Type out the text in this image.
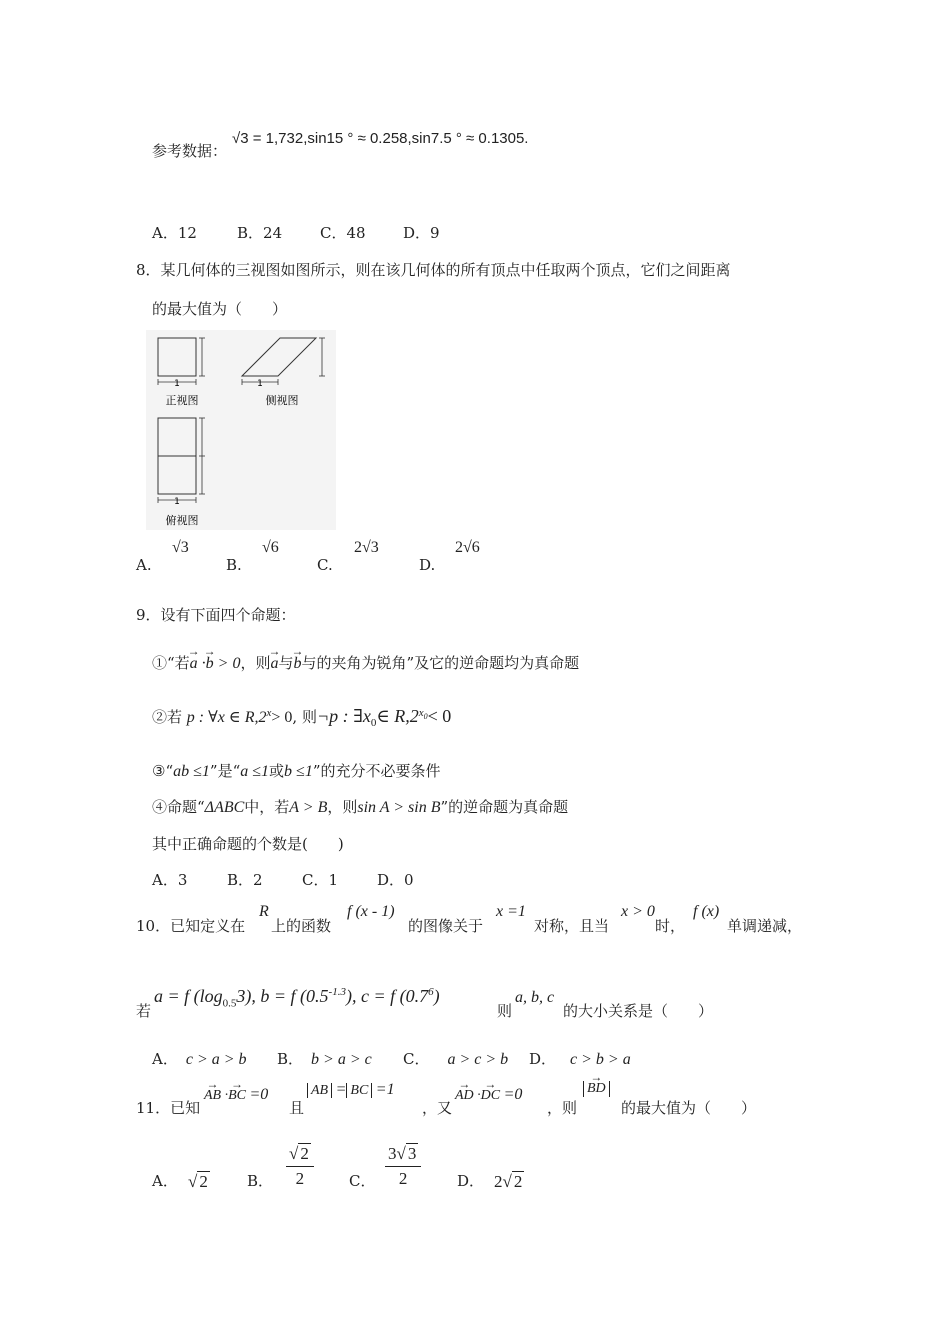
参考数据：
√3 = 1,732,sin15 ° ≈ 0.258,sin7.5 ° ≈ 0.1305.
A．12	B．24	C．48 D．9
8．某几何体的三视图如图所示，则在该几何体的所有顶点中任取两个顶点，它们之间距离
的最大值为（　　）
1
正视图
1
侧视图
1
俯视图
A.
√3
B.
√6
C.
2√3
D.
2√6
9．设有下面四个命题：
①“若→ a ·→ b > 0，则→ a与→ b与的夹角为锐角”及它的逆命题均为真命题
②若 p : ∀x ∈ $R,2^x> 0$, 则¬p : $\exists x_0\in$ $R,2^{x_0}< 0$
③“ab ≤1”是“a ≤1或b ≤1”的充分不必要条件
④命题“ΔABC中，若A > B，则sin A > sin B”的逆命题为真命题
其中正确命题的个数是(　　)
A．3	B．2	C．1	D．0
10．已知定义在
R
上的函数
f (x - 1)
的图像关于
x =1
对称，且当
x > 0
时，
f (x)
单调递减，
若
a = f $(\log_{0.5}3)$, b = f $(0.5^{-1.3})$, c = f $(0.7^6)$
则
a, b, c
的大小关系是（　　）
A． c > a > b B． b > a > c C． a > c > b D． c > b > a
11．已知
→ AB ·→ BC =0
且
AB = BC =1
，又
→ AD ·→ DC =0
，则
→ BD
的最大值为（　　）
A． √ 2	B． $\frac{√ 2}{2}$ C． $\frac{3√ 3}{2}$ D． 2√ 2
